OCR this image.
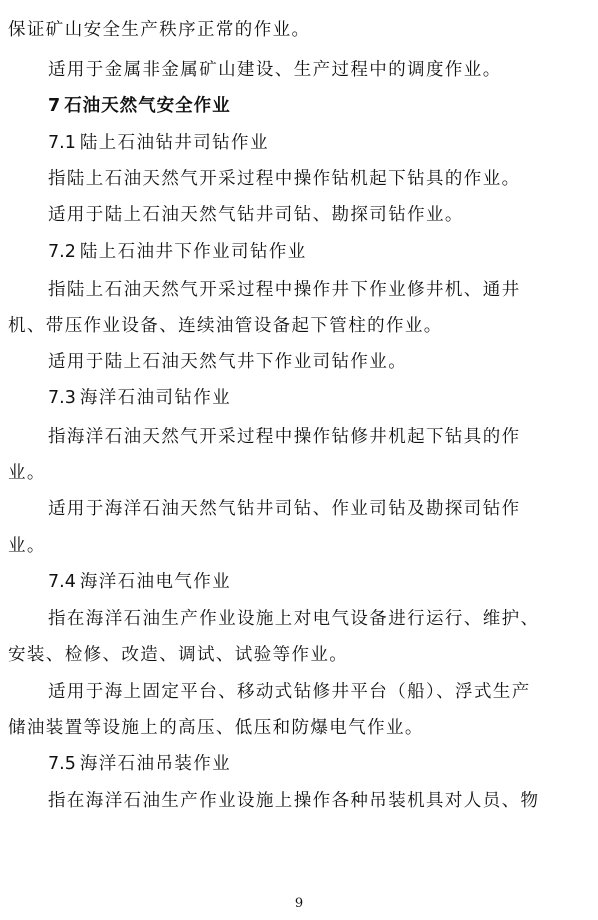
保证矿山安全生产秩序正常的作业。
适用于金属非金属矿山建设、生产过程中的调度作业。
7 石油天然气安全作业
7.1 陆上石油钻井司钻作业
指陆上石油天然气开采过程中操作钻机起下钻具的作业。
适用于陆上石油天然气钻井司钻、勘探司钻作业。
7.2 陆上石油井下作业司钻作业
指陆上石油天然气开采过程中操作井下作业修井机、通井
机、带压作业设备、连续油管设备起下管柱的作业。
适用于陆上石油天然气井下作业司钻作业。
7.3 海洋石油司钻作业
指海洋石油天然气开采过程中操作钻修井机起下钻具的作
业。
适用于海洋石油天然气钻井司钻、作业司钻及勘探司钻作
业。
7.4 海洋石油电气作业
指在海洋石油生产作业设施上对电气设备进行运行、维护、
安装、检修、改造、调试、试验等作业。
适用于海上固定平台、移动式钻修井平台（船）、浮式生产
储油装置等设施上的高压、低压和防爆电气作业。
7.5 海洋石油吊装作业
指在海洋石油生产作业设施上操作各种吊装机具对人员、物
9
